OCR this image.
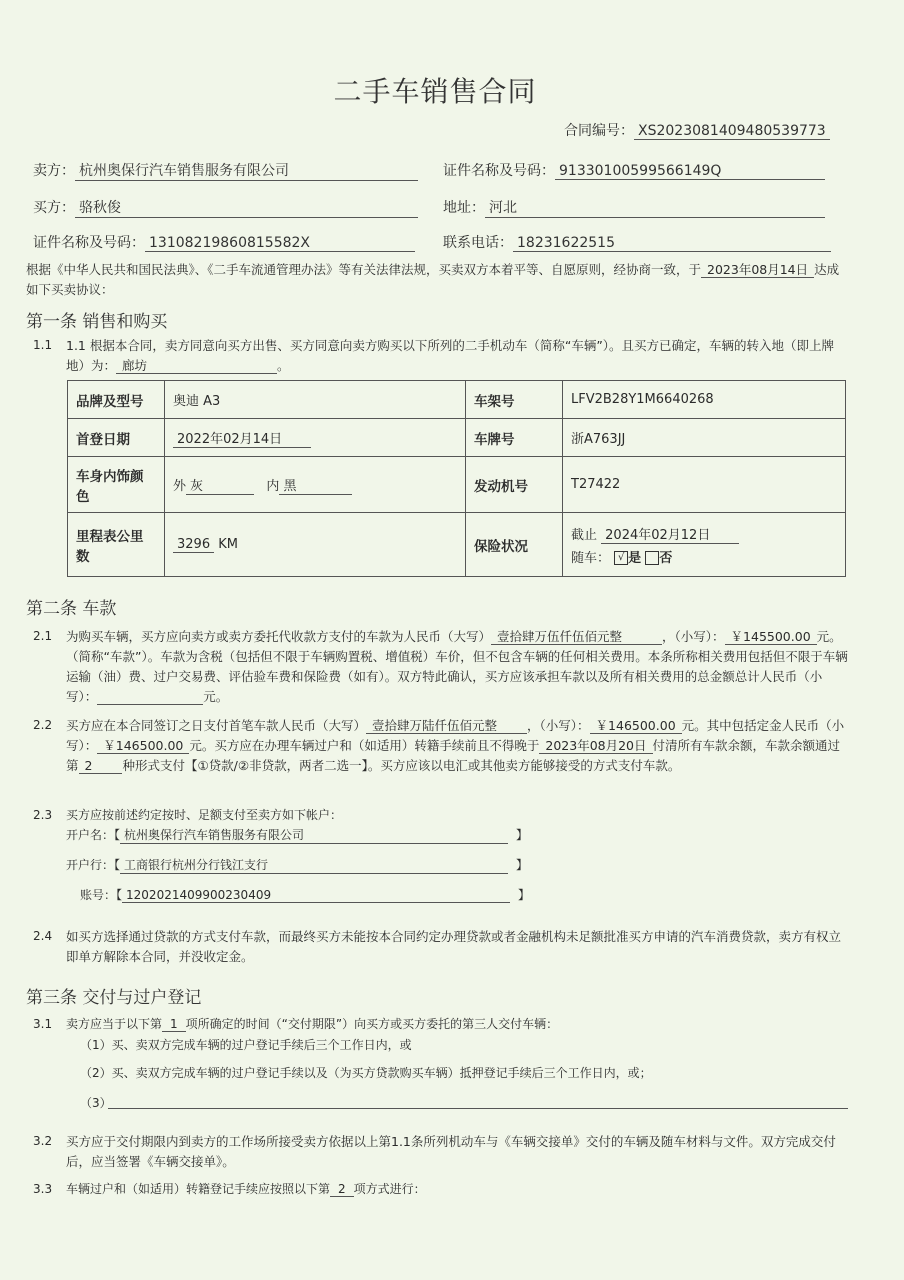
二手车销售合同
合同编号： XS2023081409480539773
卖方： 杭州奥保行汽车销售服务有限公司	证件名称及号码： 91330100599566149Q
买方： 骆秋俊	地址： 河北
证件名称及号码： 13108219860815582X	联系电话： 18231622515
根据《中华人民共和国民法典》、《二手车流通管理办法》等有关法律法规，买卖双方本着平等、自愿原则，经协商一致，于 2023年08月14日 达成如下买卖协议：
第一条 销售和购买
1.1 1.1 根据本合同，卖方同意向买方出售、买方同意向卖方购买以下所列的二手机动车（简称“车辆”）。且买方已确定，车辆的转入地（即上牌地）为： 廊坊	。
品牌及型号	奥迪 A3	车架号	LFV2B28Y1M6640268
首登日期	2022年02月14日	车牌号	浙A763JJ
车身内饰颜色	外 灰 内 黑	发动机号	T27422
里程表公里数	3296 KM	保险状况	截止 2024年02月12日
随车： √ 是 否
第二条 车款
2.1 为购买车辆，买方应向卖方或卖方委托代收款方支付的车款为人民币（大写） 壹拾肆万伍仟伍佰元整	，（小写）： ￥145500.00 元。（简称“车款”）。车款为含税（包括但不限于车辆购置税、增值税）车价，但不包含车辆的任何相关费用。本条所称相关费用包括但不限于车辆运输（油）费、过户交易费、评估验车费和保险费（如有）。双方特此确认，买方应该承担车款以及所有相关费用的总金额总计人民币（小写）：	元。
2.2 买方应在本合同签订之日支付首笔车款人民币（大写） 壹拾肆万陆仟伍佰元整 ，（小写）： ￥146500.00 元。其中包括定金人民币（小写）： ￥146500.00 元。买方应在办理车辆过户和（如适用）转籍手续前且不得晚于 2023年08月20日 付清所有车款余额，车款余额通过第 2 种形式支付【①贷款/②非贷款，两者二选一】。买方应该以电汇或其他卖方能够接受的方式支付车款。
2.3 买方应按前述约定按时、足额支付至卖方如下帐户：
开户名：【 杭州奥保行汽车销售服务有限公司	】
开户行：【 工商银行杭州分行钱江支行	】
账号：【 1202021409900230409	】
2.4 如买方选择通过贷款的方式支付车款，而最终买方未能按本合同约定办理贷款或者金融机构未足额批准买方申请的汽车消费贷款，卖方有权立即单方解除本合同，并没收定金。
第三条 交付与过户登记
3.1 卖方应当于以下第 1 项所确定的时间（“交付期限”）向买方或买方委托的第三人交付车辆：
（1）买、卖双方完成车辆的过户登记手续后三个工作日内，或
（2）买、卖双方完成车辆的过户登记手续以及（为买方贷款购买车辆）抵押登记手续后三个工作日内，或；
（3）
3.2 买方应于交付期限内到卖方的工作场所接受卖方依据以上第1.1条所列机动车与《车辆交接单》交付的车辆及随车材料与文件。双方完成交付后，应当签署《车辆交接单》。
3.3 车辆过户和（如适用）转籍登记手续应按照以下第 2 项方式进行：
